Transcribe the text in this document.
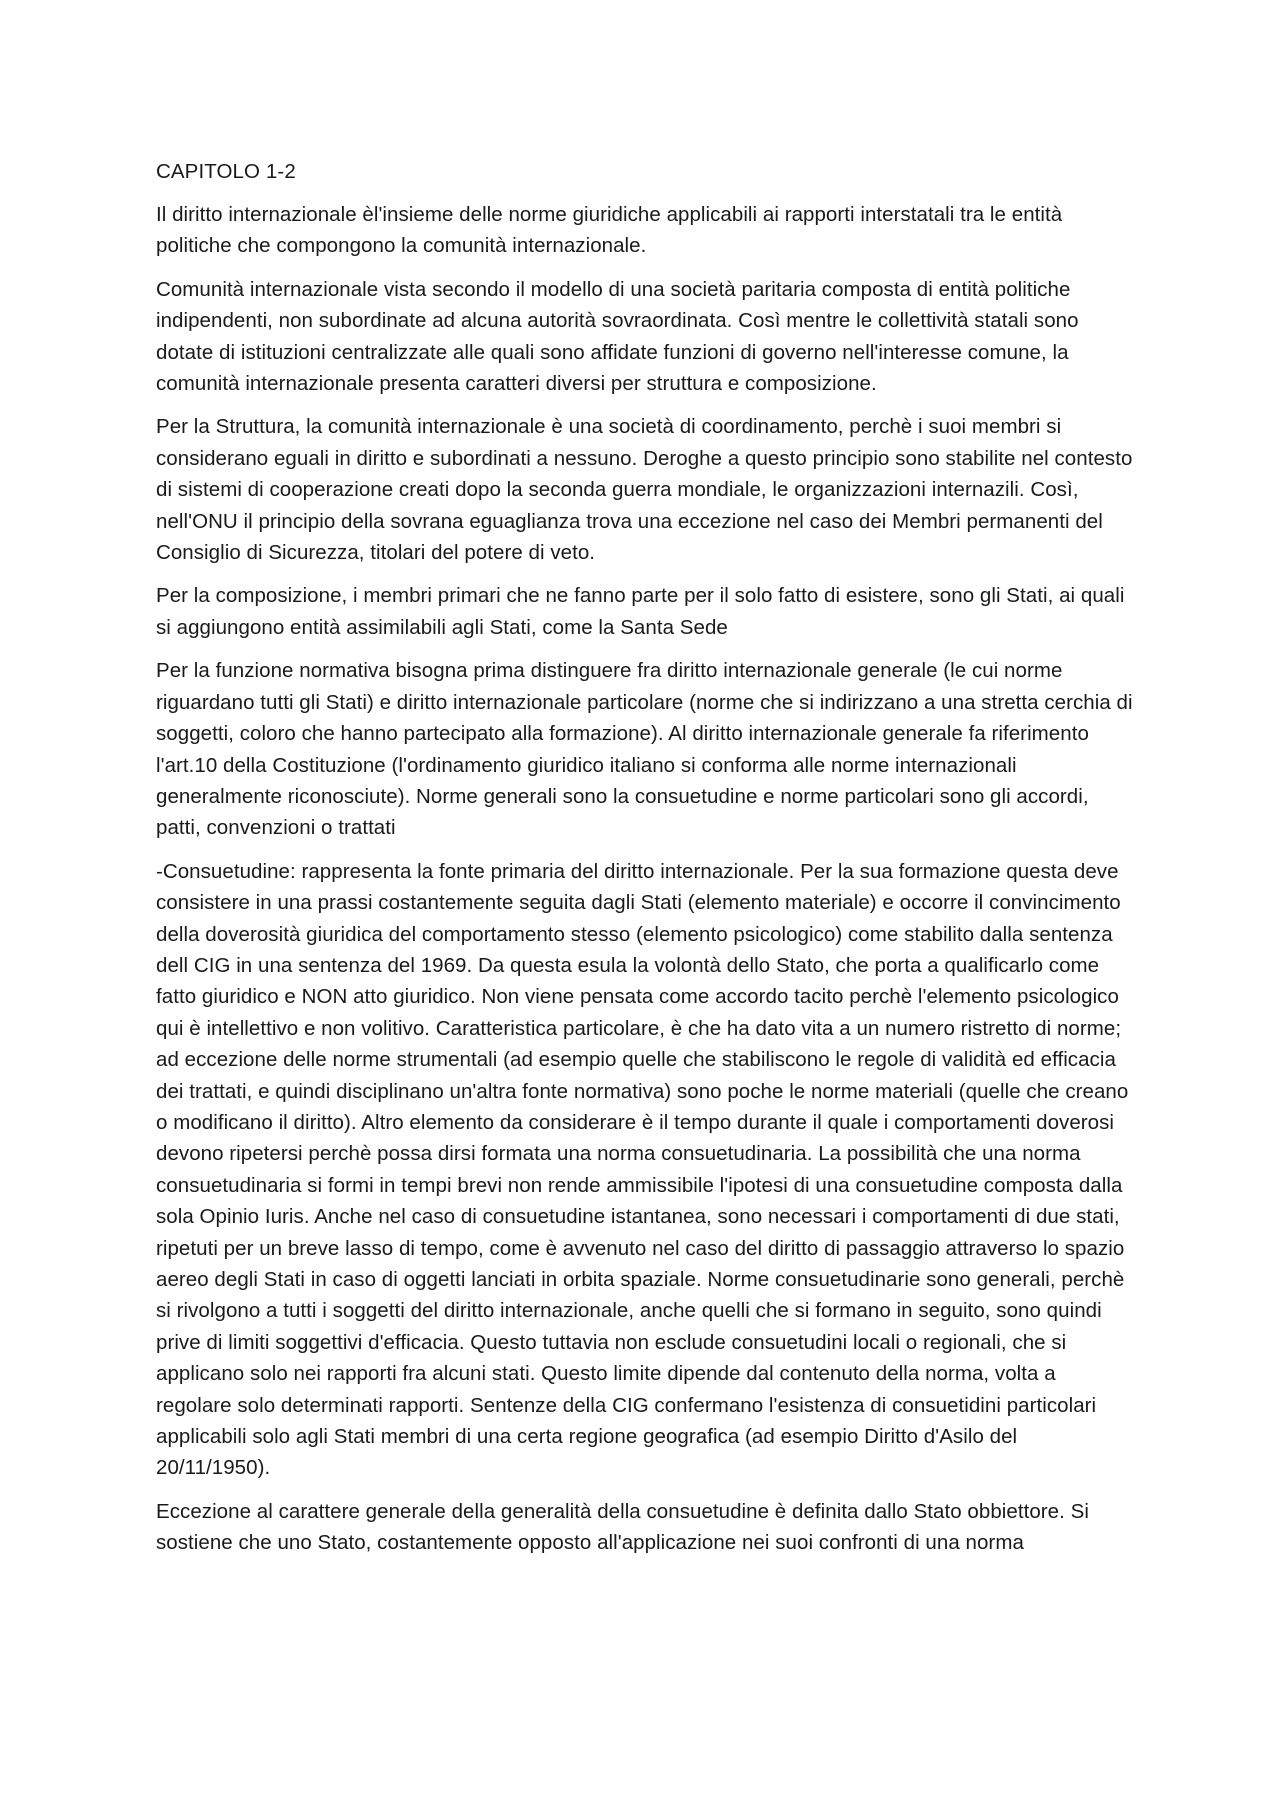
CAPITOLO 1-2

Il diritto internazionale èl'insieme delle norme giuridiche applicabili ai rapporti interstatali tra le entità politiche che compongono la comunità internazionale.

Comunità internazionale vista secondo il modello di una società paritaria composta di entità politiche indipendenti, non subordinate ad alcuna autorità sovraordinata. Così mentre le collettività statali sono dotate di istituzioni centralizzate alle quali sono affidate funzioni di governo nell'interesse comune, la comunità internazionale presenta caratteri diversi per struttura e composizione.

Per la Struttura, la comunità internazionale è una società di coordinamento, perchè i suoi membri si considerano eguali in diritto e subordinati a nessuno. Deroghe a questo principio sono stabilite nel contesto di sistemi di cooperazione creati dopo la seconda guerra mondiale, le organizzazioni internazili. Così, nell'ONU il principio della sovrana eguaglianza trova una eccezione nel caso dei Membri permanenti del Consiglio di Sicurezza, titolari del potere di veto.

Per la composizione, i membri primari che ne fanno parte per il solo fatto di esistere, sono gli Stati, ai quali si aggiungono entità assimilabili agli Stati, come la Santa Sede

Per la funzione normativa bisogna prima distinguere fra diritto internazionale generale (le cui norme riguardano tutti gli Stati) e diritto internazionale particolare (norme che si indirizzano a una stretta cerchia di soggetti, coloro che hanno partecipato alla formazione). Al diritto internazionale generale fa riferimento l'art.10 della Costituzione (l'ordinamento giuridico italiano si conforma alle norme internazionali generalmente riconosciute). Norme generali sono la consuetudine e norme particolari sono gli accordi, patti, convenzioni o trattati

-Consuetudine: rappresenta la fonte primaria del diritto internazionale. Per la sua formazione questa deve consistere in una prassi costantemente seguita dagli Stati (elemento materiale) e occorre il convincimento della doverosità giuridica del comportamento stesso (elemento psicologico) come stabilito dalla sentenza dell CIG in una sentenza del 1969. Da questa esula la volontà dello Stato, che porta a qualificarlo come fatto giuridico e NON atto giuridico. Non viene pensata come accordo tacito perchè l'elemento psicologico qui è intellettivo e non volitivo. Caratteristica particolare, è che ha dato vita a un numero ristretto di norme; ad eccezione delle norme strumentali (ad esempio quelle che stabiliscono le regole di validità ed efficacia dei trattati, e quindi disciplinano un'altra fonte normativa) sono poche le norme materiali (quelle che creano o modificano il diritto). Altro elemento da considerare è il tempo durante il quale i comportamenti doverosi devono ripetersi perchè possa dirsi formata una norma consuetudinaria. La possibilità che una norma consuetudinaria si formi in tempi brevi non rende ammissibile l'ipotesi di una consuetudine composta dalla sola Opinio Iuris. Anche nel caso di consuetudine istantanea, sono necessari i comportamenti di due stati, ripetuti per un breve lasso di tempo, come è avvenuto nel caso del diritto di passaggio attraverso lo spazio aereo degli Stati in caso di oggetti lanciati in orbita spaziale. Norme consuetudinarie sono generali, perchè si rivolgono a tutti i soggetti del diritto internazionale, anche quelli che si formano in seguito, sono quindi prive di limiti soggettivi d'efficacia. Questo tuttavia non esclude consuetudini locali o regionali, che si applicano solo nei rapporti fra alcuni stati. Questo limite dipende dal contenuto della norma, volta a regolare solo determinati rapporti. Sentenze della CIG confermano l'esistenza di consuetidini particolari applicabili solo agli Stati membri di una certa regione geografica (ad esempio Diritto d'Asilo del 20/11/1950).

Eccezione al carattere generale della generalità della consuetudine è definita dallo Stato obbiettore. Si sostiene che uno Stato, costantemente opposto all'applicazione nei suoi confronti di una norma
